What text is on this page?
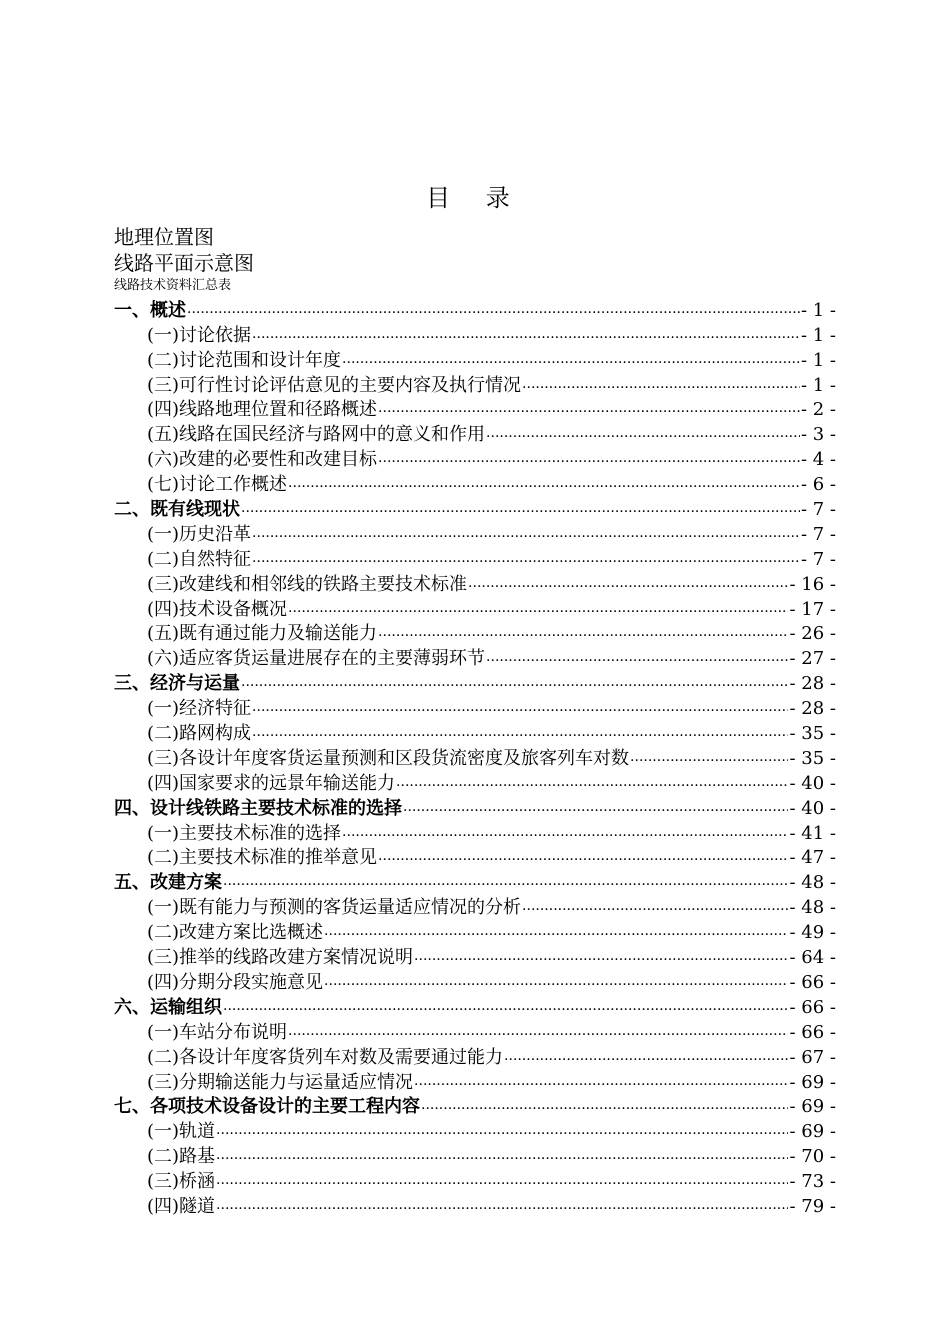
目 录
地理位置图
线路平面示意图
线路技术资料汇总表
一、概述 .....	- 1 -
(一)讨论依据 .....	- 1 -
(二)讨论范围和设计年度 .....	- 1 -
(三)可行性讨论评估意见的主要内容及执行情况 .....	- 1 -
(四)线路地理位置和径路概述 .....	- 2 -
(五)线路在国民经济与路网中的意义和作用 .....	- 3 -
(六)改建的必要性和改建目标 .....	- 4 -
(七)讨论工作概述 .....	- 6 -
二、既有线现状 .....	- 7 -
(一)历史沿革 .....	- 7 -
(二)自然特征 .....	- 7 -
(三)改建线和相邻线的铁路主要技术标准 .....	- 16 -
(四)技术设备概况 .....	- 17 -
(五)既有通过能力及输送能力 .....	- 26 -
(六)适应客货运量进展存在的主要薄弱环节 .....	- 27 -
三、经济与运量 .....	- 28 -
(一)经济特征 .....	- 28 -
(二)路网构成 .....	- 35 -
(三)各设计年度客货运量预测和区段货流密度及旅客列车对数 .....	- 35 -
(四)国家要求的远景年输送能力 .....	- 40 -
四、设计线铁路主要技术标准的选择 .....	- 40 -
(一)主要技术标准的选择 .....	- 41 -
(二)主要技术标准的推举意见 .....	- 47 -
五、改建方案 .....	- 48 -
(一)既有能力与预测的客货运量适应情况的分析 .....	- 48 -
(二)改建方案比选概述 .....	- 49 -
(三)推举的线路改建方案情况说明 .....	- 64 -
(四)分期分段实施意见 .....	- 66 -
六、运输组织 .....	- 66 -
(一)车站分布说明 .....	- 66 -
(二)各设计年度客货列车对数及需要通过能力 .....	- 67 -
(三)分期输送能力与运量适应情况 .....	- 69 -
七、各项技术设备设计的主要工程内容 .....	- 69 -
(一)轨道 .....	- 69 -
(二)路基 .....	- 70 -
(三)桥涵 .....	- 73 -
(四)隧道 .....	- 79 -
